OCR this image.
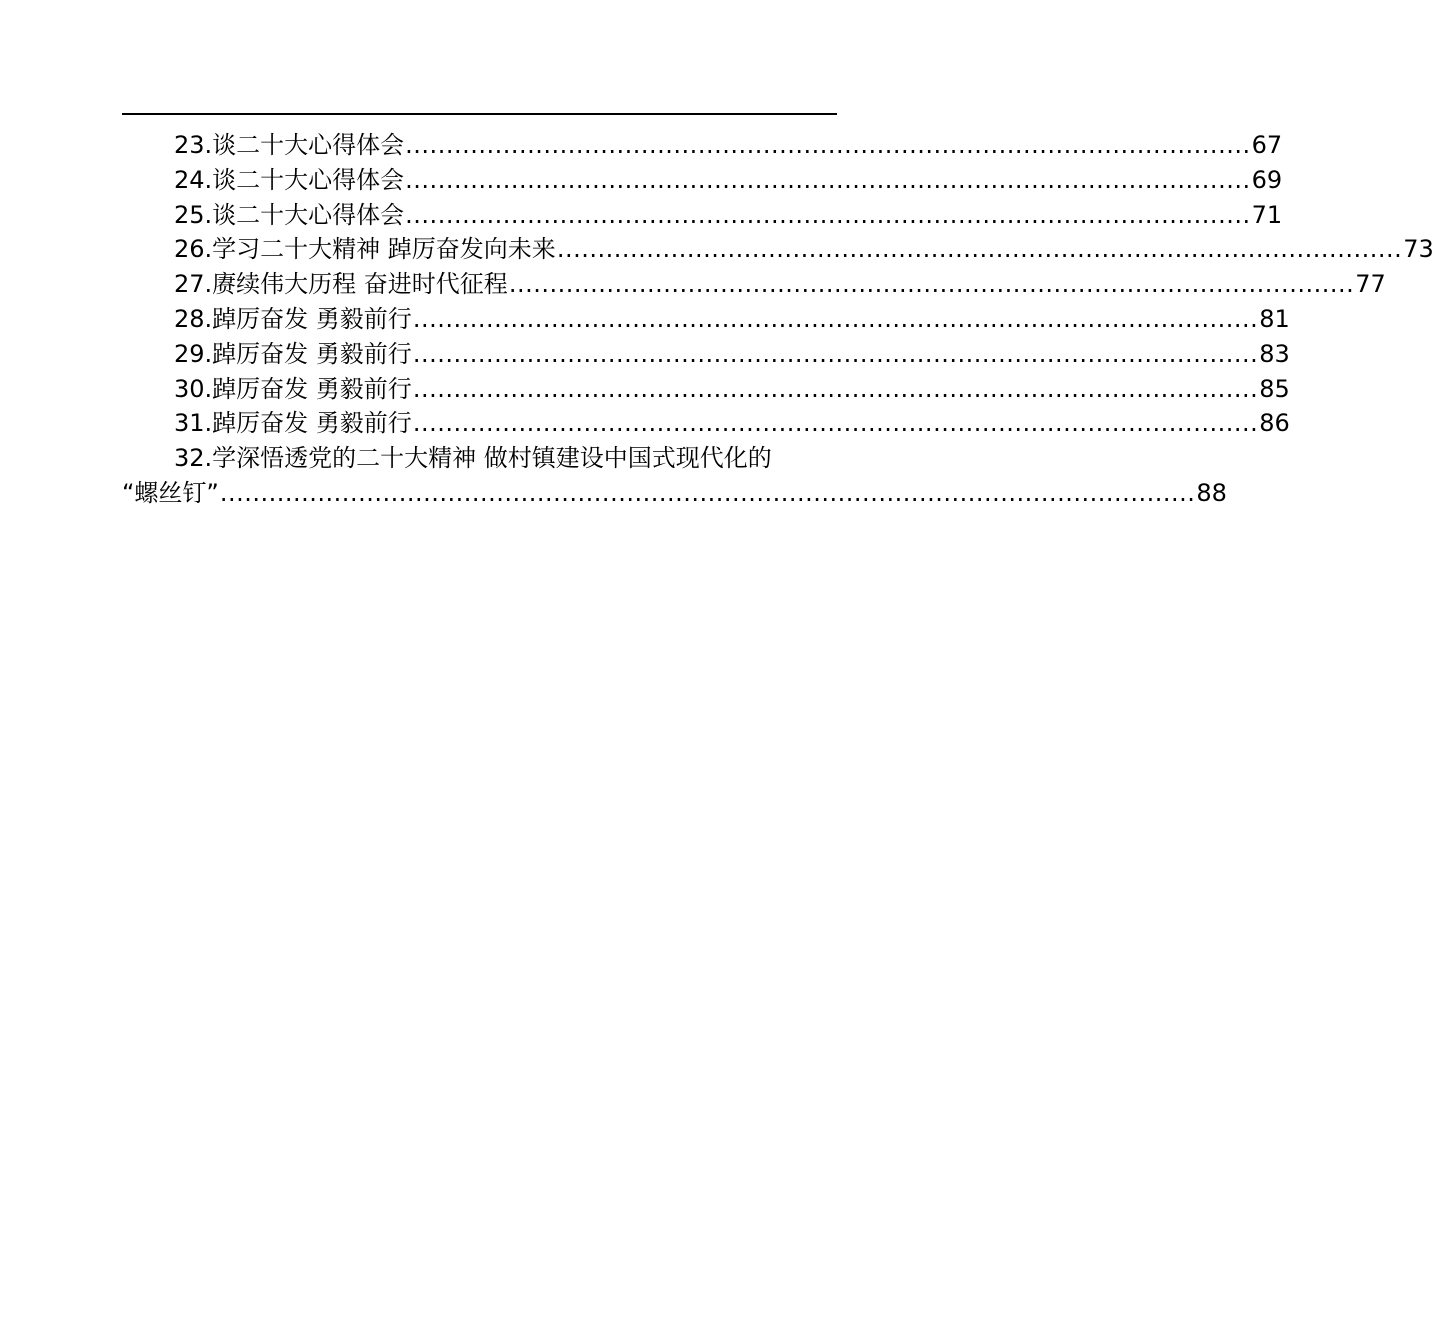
23. 谈二十大心得体会 ........................................................................................................ 67
24. 谈二十大心得体会 ........................................................................................................ 69
25. 谈二十大心得体会 ........................................................................................................ 71
26. 学习二十大精神 踔厉奋发向未来 ........................................................................................................ 73
27. 赓续伟大历程 奋进时代征程 ........................................................................................................ 77
28. 踔厉奋发 勇毅前行 ........................................................................................................ 81
29. 踔厉奋发 勇毅前行 ........................................................................................................ 83
30. 踔厉奋发 勇毅前行 ........................................................................................................ 85
31. 踔厉奋发 勇毅前行 ........................................................................................................ 86
32.学深悟透党的二十大精神 做村镇建设中国式现代化的
“螺丝钉” ........................................................................................................................ 88
